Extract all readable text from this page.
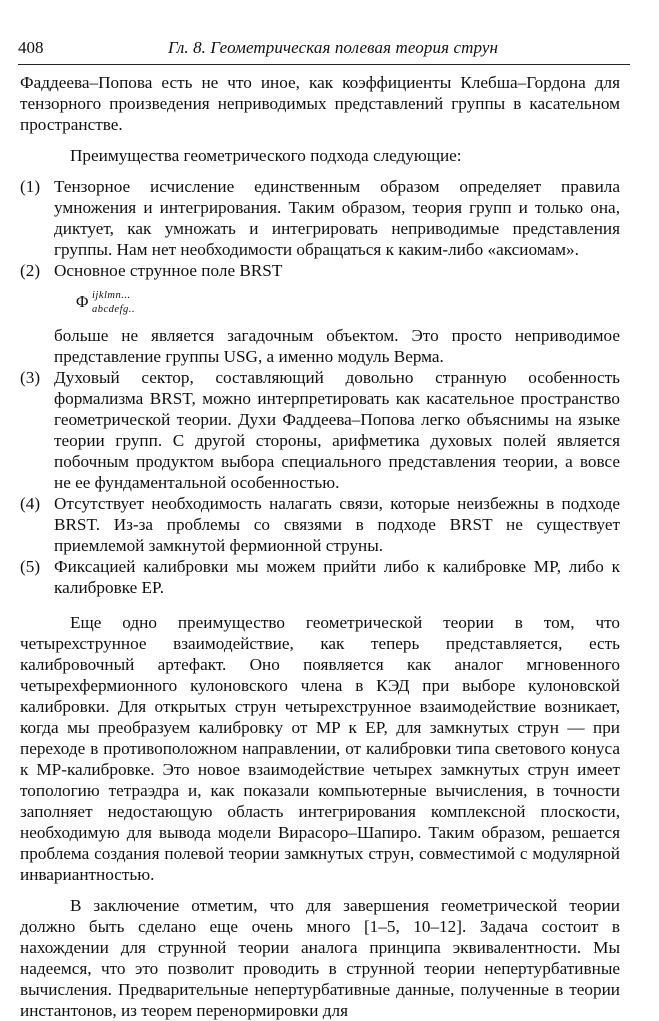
408	Гл. 8. Геометрическая полевая теория струн

Фаддеева–Попова есть не что иное, как коэффициенты Клебша–Гордона для тензорного произведения неприводимых представлений группы в касательном пространстве.

Преимущества геометрического подхода следующие:

(1) Тензорное исчисление единственным образом определяет правила умножения и интегрирования. Таким образом, теория групп и только она, диктует, как умножать и интегрировать неприводимые представления группы. Нам нет необходимости обращаться к каким-либо «аксиомам».
(2) Основное струнное поле BRST
Φ ijklmn...
abcdefg..

больше не является загадочным объектом. Это просто неприводимое представление группы USG, а именно модуль Верма.

(3) Духовый сектор, составляющий довольно странную особенность формализма BRST, можно интерпретировать как касательное пространство геометрической теории. Духи Фаддеева–Попова легко объяснимы на языке теории групп. С другой стороны, арифметика духовых полей является побочным продуктом выбора специального представления теории, а вовсе не ее фундаментальной особенностью.
(4) Отсутствует необходимость налагать связи, которые неизбежны в подходе BRST. Из-за проблемы со связями в подходе BRST не существует приемлемой замкнутой фермионной струны.
(5) Фиксацией калибровки мы можем прийти либо к калибровке MP, либо к калибровке EP.

Еще одно преимущество геометрической теории в том, что четырехструнное взаимодействие, как теперь представляется, есть калибровочный артефакт. Оно появляется как аналог мгновенного четырехфермионного кулоновского члена в КЭД при выборе кулоновской калибровки. Для открытых струн четырехструнное взаимодействие возникает, когда мы преобразуем калибровку от MP к EP, для замкнутых струн — при переходе в противоположном направлении, от калибровки типа светового конуса к MP-калибровке. Это новое взаимодействие четырех замкнутых струн имеет топологию тетраэдра и, как показали компьютерные вычисления, в точности заполняет недостающую область интегрирования комплексной плоскости, необходимую для вывода модели Вирасоро–Шапиро. Таким образом, решается проблема создания полевой теории замкнутых струн, совместимой с модулярной инвариантностью.

В заключение отметим, что для завершения геометрической теории должно быть сделано еще очень много [1–5, 10–12]. Задача состоит в нахождении для струнной теории аналога принципа эквивалентности. Мы надеемся, что это позволит проводить в струнной теории непертурбативные вычисления. Предварительные непертурбативные данные, полученные в теории инстантонов, из теорем перенормировки для
